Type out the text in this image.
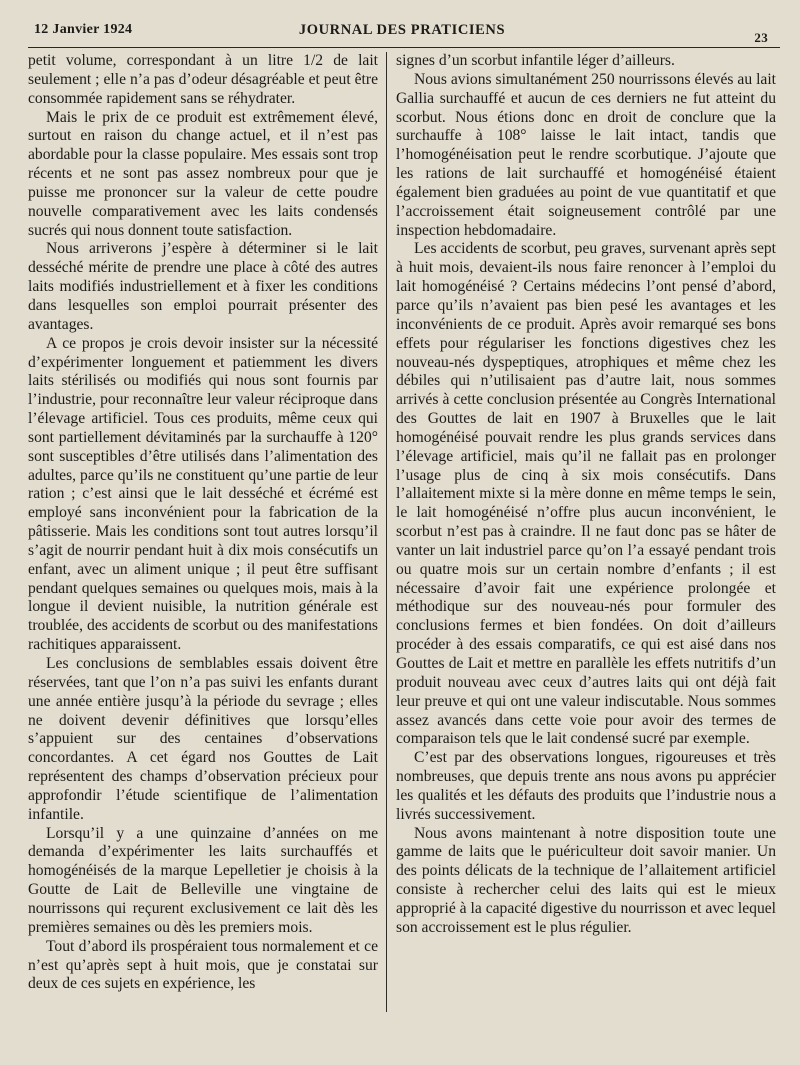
12 Janvier 1924	JOURNAL DES PRATICIENS	23

petit volume, correspondant à un litre 1/2 de lait seulement ; elle n’a pas d’odeur désagréable et peut être consommée rapidement sans se réhydrater.

Mais le prix de ce produit est extrêmement élevé, surtout en raison du change actuel, et il n’est pas abordable pour la classe populaire. Mes essais sont trop récents et ne sont pas assez nombreux pour que je puisse me prononcer sur la valeur de cette poudre nouvelle comparativement avec les laits condensés sucrés qui nous donnent toute satisfaction.

Nous arriverons j’espère à déterminer si le lait desséché mérite de prendre une place à côté des autres laits modifiés industriellement et à fixer les conditions dans lesquelles son emploi pourrait présenter des avantages.

A ce propos je crois devoir insister sur la nécessité d’expérimenter longuement et patiemment les divers laits stérilisés ou modifiés qui nous sont fournis par l’industrie, pour reconnaître leur valeur réciproque dans l’élevage artificiel. Tous ces produits, même ceux qui sont partiellement dévitaminés par la surchauffe à 120° sont susceptibles d’être utilisés dans l’alimentation des adultes, parce qu’ils ne constituent qu’une partie de leur ration ; c’est ainsi que le lait desséché et écrémé est employé sans inconvénient pour la fabrication de la pâtisserie. Mais les conditions sont tout autres lorsqu’il s’agit de nourrir pendant huit à dix mois consécutifs un enfant, avec un aliment unique ; il peut être suffisant pendant quelques semaines ou quelques mois, mais à la longue il devient nuisible, la nutrition générale est troublée, des accidents de scorbut ou des manifestations rachitiques apparaissent.

Les conclusions de semblables essais doivent être réservées, tant que l’on n’a pas suivi les enfants durant une année entière jusqu’à la période du sevrage ; elles ne doivent devenir définitives que lorsqu’elles s’appuient sur des centaines d’observations concordantes. A cet égard nos Gouttes de Lait représentent des champs d’observation précieux pour approfondir l’étude scientifique de l’alimentation infantile.

Lorsqu’il y a une quinzaine d’années on me demanda d’expérimenter les laits surchauffés et homogénéisés de la marque Lepelletier je choisis à la Goutte de Lait de Belleville une vingtaine de nourrissons qui reçurent exclusivement ce lait dès les premières semaines ou dès les premiers mois.

Tout d’abord ils prospéraient tous normalement et ce n’est qu’après sept à huit mois, que je constatai sur deux de ces sujets en expérience, les

signes d’un scorbut infantile léger d’ailleurs.

Nous avions simultanément 250 nourrissons élevés au lait Gallia surchauffé et aucun de ces derniers ne fut atteint du scorbut. Nous étions donc en droit de conclure que la surchauffe à 108° laisse le lait intact, tandis que l’homogénéisation peut le rendre scorbutique. J’ajoute que les rations de lait surchauffé et homogénéisé étaient également bien graduées au point de vue quantitatif et que l’accroissement était soigneusement contrôlé par une inspection hebdomadaire.

Les accidents de scorbut, peu graves, survenant après sept à huit mois, devaient-ils nous faire renoncer à l’emploi du lait homogénéisé ? Certains médecins l’ont pensé d’abord, parce qu’ils n’avaient pas bien pesé les avantages et les inconvénients de ce produit. Après avoir remarqué ses bons effets pour régulariser les fonctions digestives chez les nouveau-nés dyspeptiques, atrophiques et même chez les débiles qui n’utilisaient pas d’autre lait, nous sommes arrivés à cette conclusion présentée au Congrès International des Gouttes de lait en 1907 à Bruxelles que le lait homogénéisé pouvait rendre les plus grands services dans l’élevage artificiel, mais qu’il ne fallait pas en prolonger l’usage plus de cinq à six mois consécutifs. Dans l’allaitement mixte si la mère donne en même temps le sein, le lait homogénéisé n’offre plus aucun inconvénient, le scorbut n’est pas à craindre. Il ne faut donc pas se hâter de vanter un lait industriel parce qu’on l’a essayé pendant trois ou quatre mois sur un certain nombre d’enfants ; il est nécessaire d’avoir fait une expérience prolongée et méthodique sur des nouveau-nés pour formuler des conclusions fermes et bien fondées. On doit d’ailleurs procéder à des essais comparatifs, ce qui est aisé dans nos Gouttes de Lait et mettre en parallèle les effets nutritifs d’un produit nouveau avec ceux d’autres laits qui ont déjà fait leur preuve et qui ont une valeur indiscutable. Nous sommes assez avancés dans cette voie pour avoir des termes de comparaison tels que le lait condensé sucré par exemple.

C’est par des observations longues, rigoureuses et très nombreuses, que depuis trente ans nous avons pu apprécier les qualités et les défauts des produits que l’industrie nous a livrés successivement.

Nous avons maintenant à notre disposition toute une gamme de laits que le puériculteur doit savoir manier. Un des points délicats de la technique de l’allaitement artificiel consiste à rechercher celui des laits qui est le mieux approprié à la capacité digestive du nourrisson et avec lequel son accroissement est le plus régulier.
